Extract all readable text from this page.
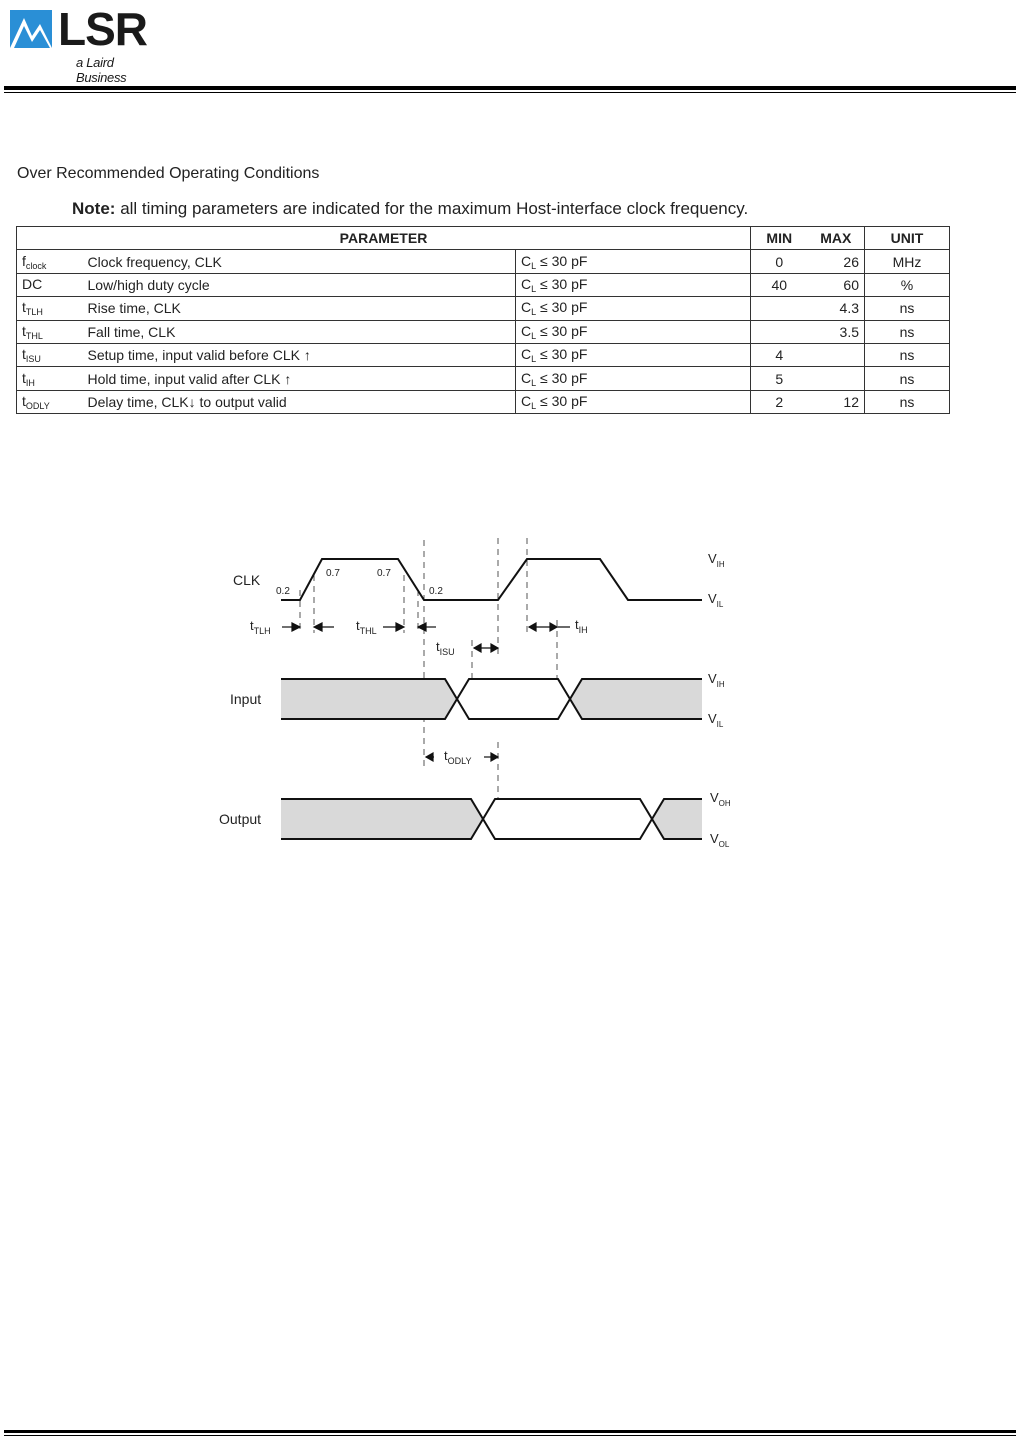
LSR
a Laird Business
Over Recommended Operating Conditions
Note: all timing parameters are indicated for the maximum Host-interface clock frequency.
PARAMETER			MIN	MAX	UNIT
$f_{clock}$	Clock frequency, CLK	$C_L \le 30$ pF	0	26	MHz
DC	Low/high duty cycle	$C_L \le 30$ pF	40	60	%
$t_{TLH}$	Rise time, CLK	$C_L \le 30$ pF		4.3	ns
$t_{THL}$	Fall time, CLK	$C_L \le 30$ pF		3.5	ns
$t_{ISU}$	Setup time, input valid before CLK ↑	$C_L \le 30$ pF	4		ns
$t_{IH}$	Hold time, input valid after CLK ↑	$C_L \le 30$ pF	5		ns
$t_{ODLY}$	Delay time, CLK↓ to output valid	$C_L \le 30$ pF	2	12	ns
CLK
Input
Output
0.2
0.7	0.7
0.2
$t_{TLH}$	$t_{THL}$
$t_{ISU}$
$t_{IH}$
$t_{ODLY}$
$V_{IH}$
$V_{IL}$
$V_{IH}$
$V_{IL}$
$V_{OH}$
$V_{OL}$
